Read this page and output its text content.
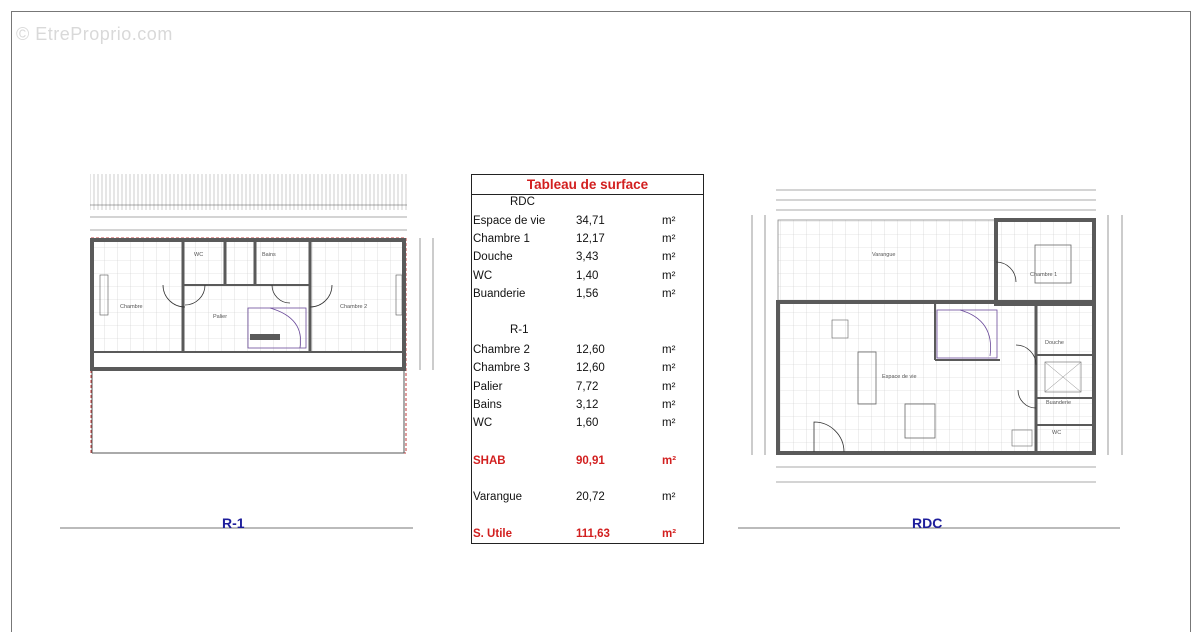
© EtreProprio.com
Chambre
WC	Bains
Palier
Chambre 2
Varangue
Chambre 1
Douche
Espace de vie
Buanderie
WC
R-1	RDC
Tableau de surface
RDC
Espace de vie	34,71	m²
Chambre 1	12,17	m²
Douche	3,43	m²
WC	1,40	m²
Buanderie	1,56	m²
R-1
Chambre 2	12,60	m²
Chambre 3	12,60	m²
Palier	7,72	m²
Bains	3,12	m²
WC	1,60	m²
SHAB	90,91	m²
Varangue	20,72	m²
S. Utile	111,63	m²
